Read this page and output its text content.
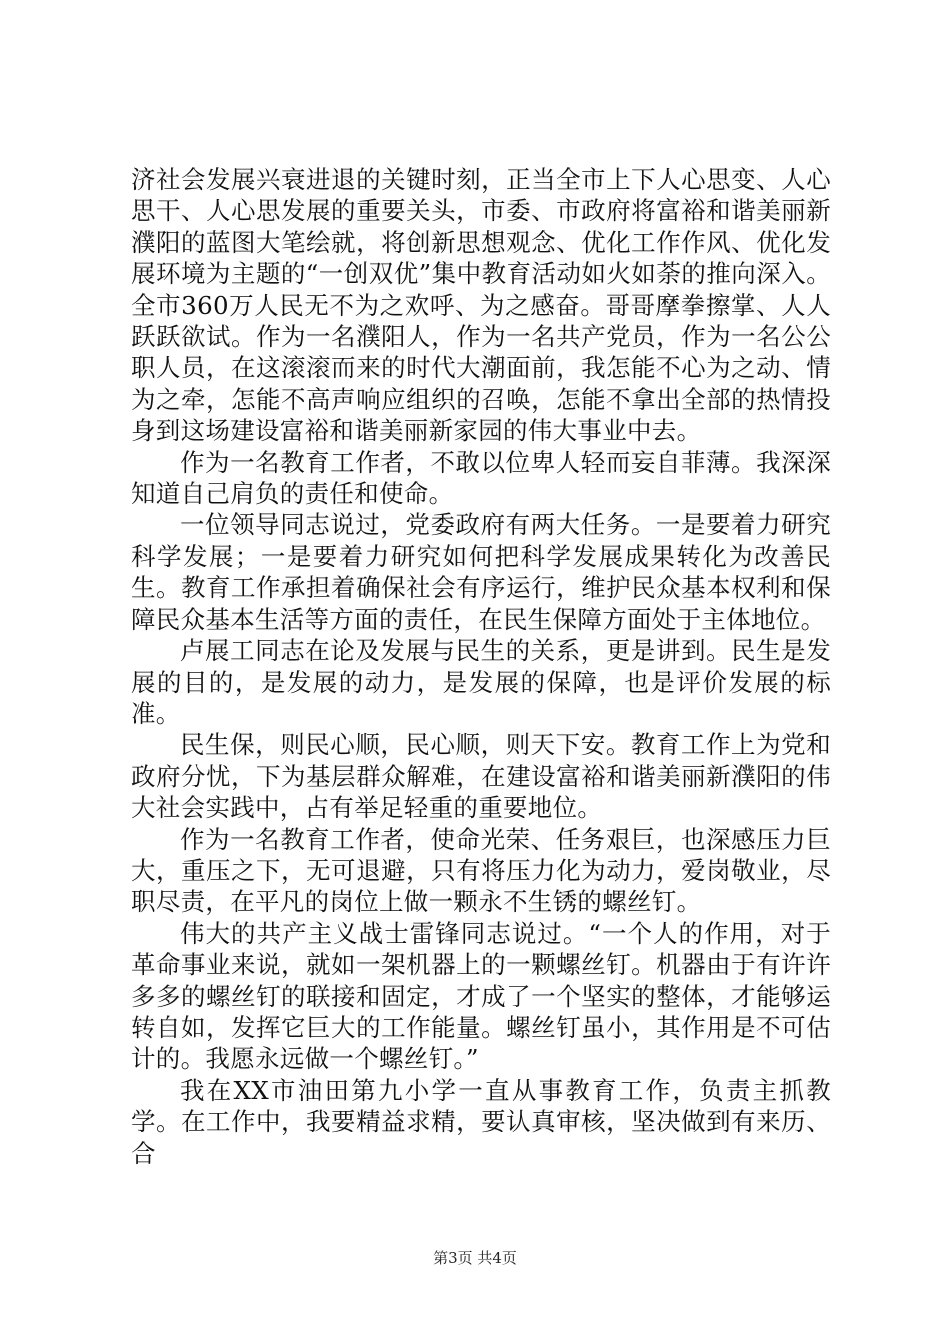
济社会发展兴衰进退的关键时刻，正当全市上下人心思变、人心思干、人心思发展的重要关头，市委、市政府将富裕和谐美丽新濮阳的蓝图大笔绘就，将创新思想观念、优化工作作风、优化发展环境为主题的“一创双优”集中教育活动如火如荼的推向深入。全市360万人民无不为之欢呼、为之感奋。哥哥摩拳擦掌、人人跃跃欲试。作为一名濮阳人，作为一名共产党员，作为一名公公职人员，在这滚滚而来的时代大潮面前，我怎能不心为之动、情为之牵，怎能不高声响应组织的召唤，怎能不拿出全部的热情投身到这场建设富裕和谐美丽新家园的伟大事业中去。

作为一名教育工作者，不敢以位卑人轻而妄自菲薄。我深深知道自己肩负的责任和使命。

一位领导同志说过，党委政府有两大任务。一是要着力研究科学发展；一是要着力研究如何把科学发展成果转化为改善民生。教育工作承担着确保社会有序运行，维护民众基本权利和保障民众基本生活等方面的责任，在民生保障方面处于主体地位。

卢展工同志在论及发展与民生的关系，更是讲到。民生是发展的目的，是发展的动力，是发展的保障，也是评价发展的标准。

民生保，则民心顺，民心顺，则天下安。教育工作上为党和政府分忧，下为基层群众解难，在建设富裕和谐美丽新濮阳的伟大社会实践中，占有举足轻重的重要地位。

作为一名教育工作者，使命光荣、任务艰巨，也深感压力巨大，重压之下，无可退避，只有将压力化为动力，爱岗敬业，尽职尽责，在平凡的岗位上做一颗永不生锈的螺丝钉。

伟大的共产主义战士雷锋同志说过。“一个人的作用，对于革命事业来说，就如一架机器上的一颗螺丝钉。机器由于有许许多多的螺丝钉的联接和固定，才成了一个坚实的整体，才能够运转自如，发挥它巨大的工作能量。螺丝钉虽小，其作用是不可估计的。我愿永远做一个螺丝钉。”

我在XX市油田第九小学一直从事教育工作，负责主抓教学。在工作中，我要精益求精，要认真审核，坚决做到有来历、合

第3页 共4页
